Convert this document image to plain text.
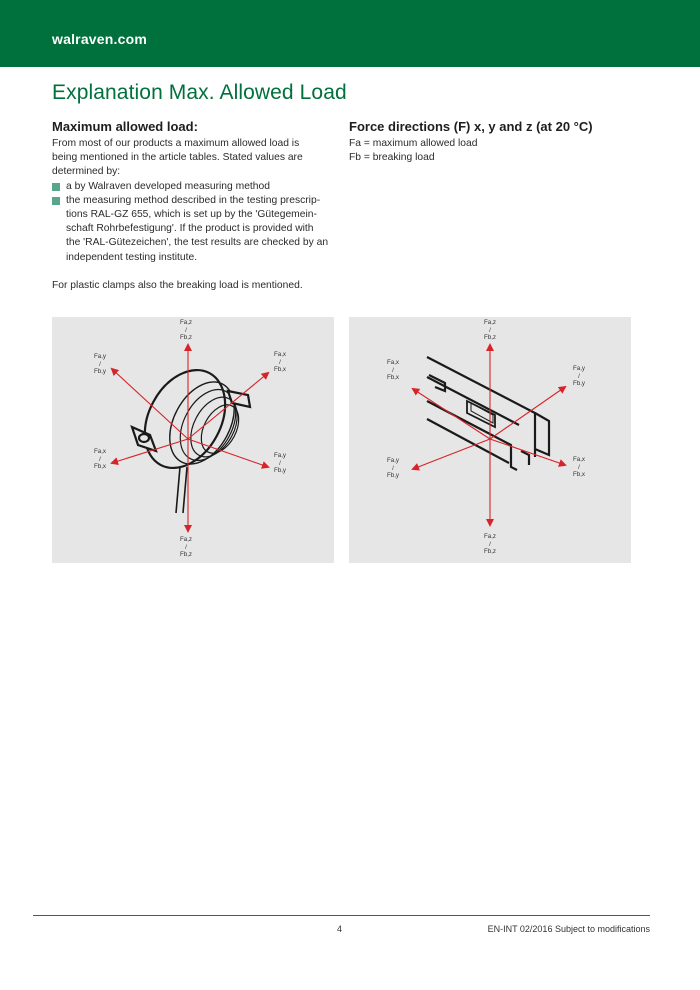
walraven.com
Explanation Max. Allowed Load
Maximum allowed load:

From most of our products a maximum allowed load is
being mentioned in the article tables. Stated values are
determined by:

a by Walraven developed measuring method
the measuring method described in the testing prescrip-
tions RAL-GZ 655, which is set up by the 'Gütegemein-
schaft Rohrbefestigung'. If the product is provided with
the 'RAL-Gütezeichen', the test results are checked by an
independent testing institute.

For plastic clamps also the breaking load is mentioned.

Force directions (F) x, y and z (at 20 °C)

Fa = maximum allowed load

Fb = breaking load

Fa,z
/
Fb,z
Fa,y
/
Fb,y
Fa,x
/
Fb,x
Fa,x
/
Fb,x
Fa,y
/
Fb,y
Fa,z
/
Fb,z
Fa,z
/
Fb,z
Fa,x
/
Fb,x
Fa,y
/
Fb,y
Fa,y
/
Fb,y
Fa,x
/
Fb,x
Fa,z
/
Fb,z
4	EN-INT 02/2016 Subject to modifications
